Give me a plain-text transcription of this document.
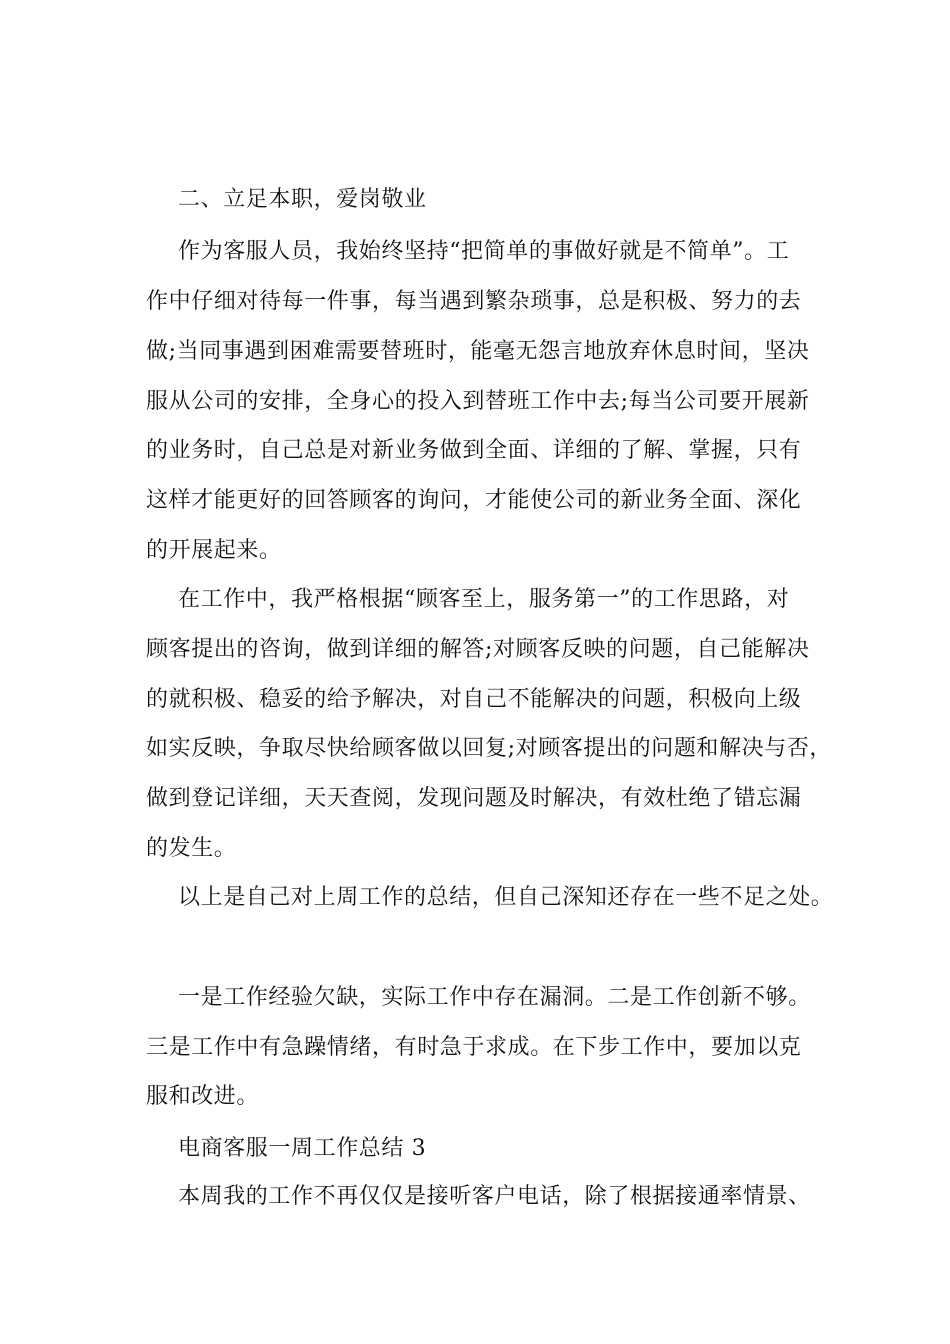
二、立足本职，爱岗敬业
作为客服人员，我始终坚持“把简单的事做好就是不简单”。工
作中仔细对待每一件事，每当遇到繁杂琐事，总是积极、努力的去
做;当同事遇到困难需要替班时，能毫无怨言地放弃休息时间，坚决
服从公司的安排，全身心的投入到替班工作中去;每当公司要开展新
的业务时，自己总是对新业务做到全面、详细的了解、掌握，只有
这样才能更好的回答顾客的询问，才能使公司的新业务全面、深化
的开展起来。
在工作中，我严格根据“顾客至上，服务第一”的工作思路，对
顾客提出的咨询，做到详细的解答;对顾客反映的问题，自己能解决
的就积极、稳妥的给予解决，对自己不能解决的问题，积极向上级
如实反映，争取尽快给顾客做以回复;对顾客提出的问题和解决与否，
做到登记详细，天天查阅，发现问题及时解决，有效杜绝了错忘漏
的发生。
以上是自己对上周工作的总结，但自己深知还存在一些不足之处。
一是工作经验欠缺，实际工作中存在漏洞。二是工作创新不够。
三是工作中有急躁情绪，有时急于求成。在下步工作中，要加以克
服和改进。
电商客服一周工作总结 3
本周我的工作不再仅仅是接听客户电话，除了根据接通率情景、
